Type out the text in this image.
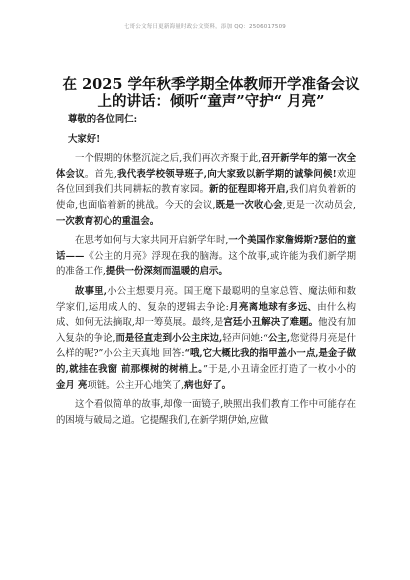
七哥公文每日更新海量时政公文资料，添加 QQ：2506017509
在 2025 学年秋季学期全体教师开学准备会议 上的讲话：倾听“童声”守护“ 月亮”

尊敬的各位同仁:

大家好!

一个假期的休整沉淀之后,我们再次齐聚于此,召开新学年的第一次全体会议。首先,我代表学校领导班子,向大家致以新学期的诚挚问候!欢迎各位回到我们共同耕耘的教育家园。新的征程即将开启,我们肩负着新的使命,也面临着新的挑战。今天的会议,既是一次收心会,更是一次动员会,一次教育初心的重温会。

在思考如何与大家共同开启新学年时,一个美国作家詹姆斯?瑟伯的童话——《公主的月亮》浮现在我的脑海。这个故事,或许能为我们新学期的准备工作,提供一份深刻而温暖的启示。

故事里,小公主想要月亮。国王麾下最聪明的皇家总管、魔法师和数学家们,运用成人的、复杂的逻辑去争论:月亮离地球有多远、由什么构成、如何无法摘取,却一筹莫展。最终,是宫廷小丑解决了难题。他没有加入复杂的争论,而是径直走到小公主床边,轻声问她:“公主,您觉得月亮是什么样的呢?”小公主天真地 回答:“哦,它大概比我的指甲盖小一点,是金子做的,就挂在我窗 前那棵树的树梢上。”于是,小丑请金匠打造了一枚小小的金月 亮项链。公主开心地笑了,病也好了。

这个看似简单的故事,却像一面镜子,映照出我们教育工作中可能存在的困境与破局之道。它提醒我们,在新学期伊始,应做
